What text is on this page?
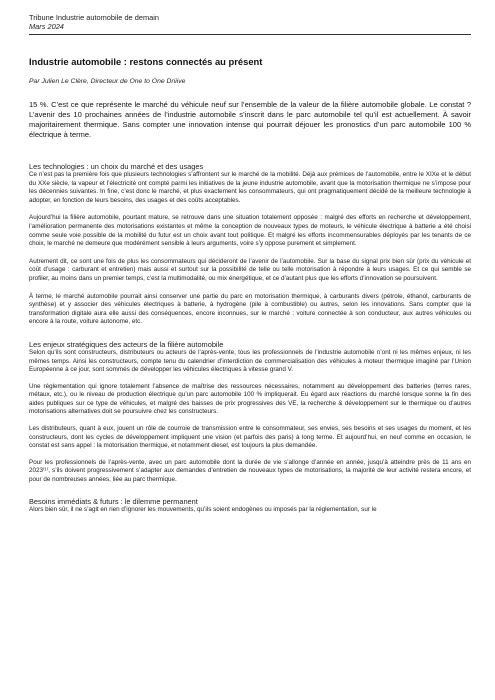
Tribune Industrie automobile de demain
Mars 2024
Industrie automobile : restons connectés au présent
Par Julien Le Clère, Directeur de One to One Driiive
15 %. C’est ce que représente le marché du véhicule neuf sur l’ensemble de la valeur de la filière automobile globale. Le constat ? L’avenir des 10 prochaines années de l’industrie automobile s’inscrit dans le parc automobile tel qu’il est actuellement. À savoir majoritairement thermique. Sans compter une innovation intense qui pourrait déjouer les pronostics d’un parc automobile 100 % électrique à terme.
Les technologies : un choix du marché et des usages

Ce n’est pas la première fois que plusieurs technologies s’affrontent sur le marché de la mobilité. Déjà aux prémices de l’automobile, entre le XIXe et le début du XXe siècle, la vapeur et l’électricité ont compté parmi les initiatives de la jeune industrie automobile, avant que la motorisation thermique ne s’impose pour les décennies suivantes. In fine, c’est donc le marché, et plus exactement les consommateurs, qui ont pragmatiquement décidé de la meilleure technologie à adopter, en fonction de leurs besoins, des usages et des coûts acceptables.

Aujourd’hui la filière automobile, pourtant mature, se retrouve dans une situation totalement opposée : malgré des efforts en recherche et développement, l’amélioration permanente des motorisations existantes et même la conception de nouveaux types de moteurs, le véhicule électrique à batterie a été choisi comme seule voie possible de la mobilité du futur est un choix avant tout politique. Et malgré les efforts incommensurables déployés par les tenants de ce choix, le marché ne demeure que modérément sensible à leurs arguments, voire s’y oppose purement et simplement.

Autrement dit, ce sont une fois de plus les consommateurs qui décideront de l’avenir de l’automobile. Sur la base du signal prix bien sûr (prix du véhicule et coût d’usage : carburant et entretien) mais aussi et surtout sur la possibilité de telle ou telle motorisation à répondre à leurs usages. Et ce qui semble se profiler, au moins dans un premier temps, c’est la multimodalité, ou mix énergétique, et ce d’autant plus que les efforts d’innovation se poursuivent.

À terme, le marché automobile pourrait ainsi conserver une partie du parc en motorisation thermique, à carburants divers (pétrole, éthanol, carburants de synthèse) et y associer des véhicules électriques à batterie, à hydrogène (pile à combustible) ou autres, selon les innovations. Sans compter que la transformation digitale aura elle aussi des conséquences, encore inconnues, sur le marché : voiture connectée à son conducteur, aux autres véhicules ou encore à la route, voiture autonome, etc.

Les enjeux stratégiques des acteurs de la filière automobile

Selon qu’ils sont constructeurs, distributeurs ou acteurs de l’après-vente, tous les professionnels de l’industrie automobile n’ont ni les mêmes enjeux, ni les mêmes temps. Ainsi les constructeurs, compte tenu du calendrier d’interdiction de commercialisation des véhicules à moteur thermique imaginé par l’Union Européenne à ce jour, sont sommés de développer les véhicules électriques à vitesse grand V.

Une réglementation qui ignore totalement l’absence de maîtrise des ressources nécessaires, notamment au développement des batteries (terres rares, métaux, etc.), ou le niveau de production électrique qu’un parc automobile 100 % impliquerait. Eu égard aux réactions du marché lorsque sonne la fin des aides publiques sur ce type de véhicules, et malgré des baisses de prix progressives des VE, la recherche & développement sur le thermique ou d’autres motorisations alternatives doit se poursuivre chez les constructeurs.

Les distributeurs, quant à eux, jouent un rôle de courroie de transmission entre le consommateur, ses envies, ses besoins et ses usages du moment, et les constructeurs, dont les cycles de développement impliquent une vision (et parfois des paris) à long terme. Et aujourd’hui, en neuf comme en occasion, le constat est sans appel : la motorisation thermique, et notamment diesel, est toujours la plus demandée.

Pour les professionnels de l’après-vente, avec un parc automobile dont la durée de vie s’allonge d’année en année, jusqu’à atteindre près de 11 ans en 2023⁽¹⁾, s’ils doivent progressivement s’adapter aux demandes d’entretien de nouveaux types de motorisations, la majorité de leur activité restera encore, et pour de nombreuses années, liée au parc thermique.

Besoins immédiats & futurs : le dilemme permanent

Alors bien sûr, il ne s’agit en rien d’ignorer les mouvements, qu’ils soient endogènes ou imposés par la réglementation, sur le
